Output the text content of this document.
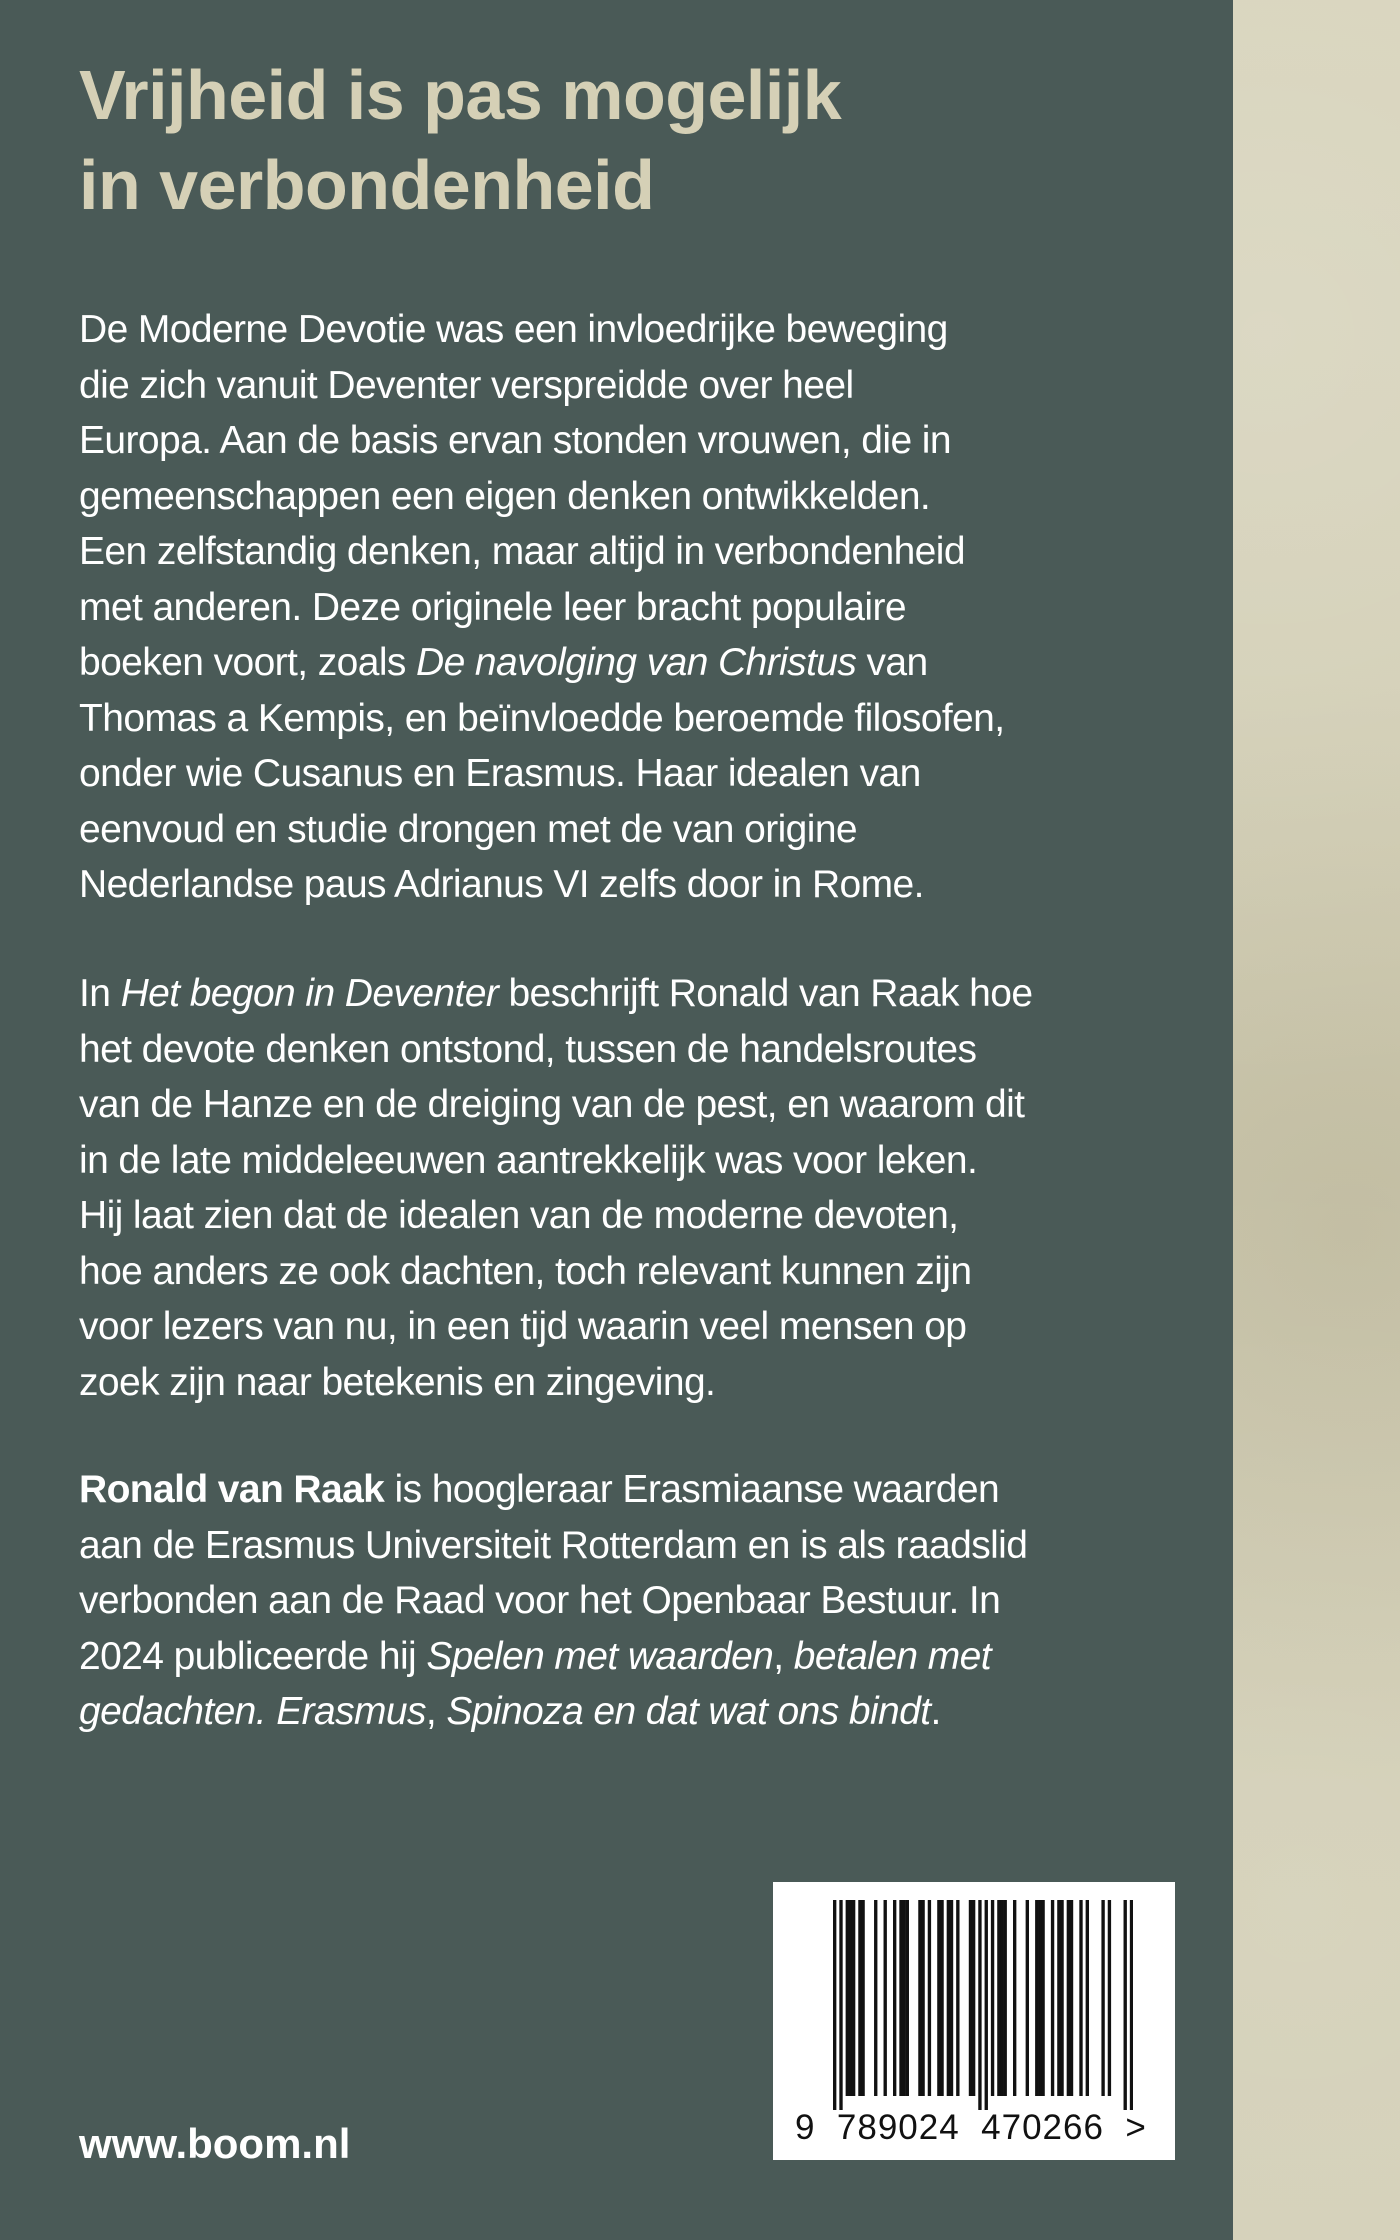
Vrijheid is pas mogelijk
in verbondenheid
De Moderne Devotie was een invloedrijke beweging
die zich vanuit Deventer verspreidde over heel
Europa. Aan de basis ervan stonden vrouwen, die in
gemeenschappen een eigen denken ontwikkelden.
Een zelfstandig denken, maar altijd in verbondenheid
met anderen. Deze originele leer bracht populaire
boeken voort, zoals De navolging van Christus van
Thomas a Kempis, en beïnvloedde beroemde filosofen,
onder wie Cusanus en Erasmus. Haar idealen van
eenvoud en studie drongen met de van origine
Nederlandse paus Adrianus VI zelfs door in Rome.
In Het begon in Deventer beschrijft Ronald van Raak hoe
het devote denken ontstond, tussen de handelsroutes
van de Hanze en de dreiging van de pest, en waarom dit
in de late middeleeuwen aantrekkelijk was voor leken.
Hij laat zien dat de idealen van de moderne devoten,
hoe anders ze ook dachten, toch relevant kunnen zijn
voor lezers van nu, in een tijd waarin veel mensen op
zoek zijn naar betekenis en zingeving.
Ronald van Raak is hoogleraar Erasmiaanse waarden
aan de Erasmus Universiteit Rotterdam en is als raadslid
verbonden aan de Raad voor het Openbaar Bestuur. In
2024 publiceerde hij Spelen met waarden, betalen met
gedachten. Erasmus, Spinoza en dat wat ons bindt.
www.boom.nl	9  789024  470266  >
